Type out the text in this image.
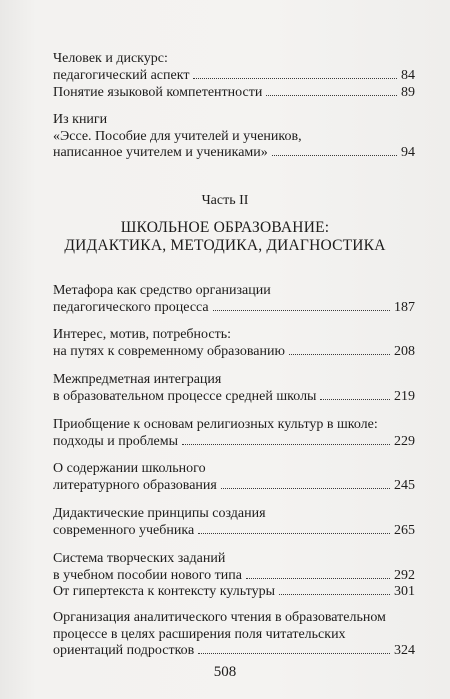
Человек и дискурс:
педагогический аспект	84
Понятие языковой компетентности	89
Из книги
«Эссе. Пособие для учителей и учеников,
написанное учителем и учениками»	94
Часть II
ШКОЛЬНОЕ ОБРАЗОВАНИЕ:
ДИДАКТИКА, МЕТОДИКА, ДИАГНОСТИКА
Метафора как средство организации
педагогического процесса	187
Интерес, мотив, потребность:
на путях к современному образованию	208
Межпредметная интеграция
в образовательном процессе средней школы	219
Приобщение к основам религиозных культур в школе:
подходы и проблемы	229
О содержании школьного
литературного образования	245
Дидактические принципы создания
современного учебника	265
Система творческих заданий
в учебном пособии нового типа	292
От гипертекста к контексту культуры	301
Организация аналитического чтения в образовательном
процессе в целях расширения поля читательских
ориентаций подростков	324
508
